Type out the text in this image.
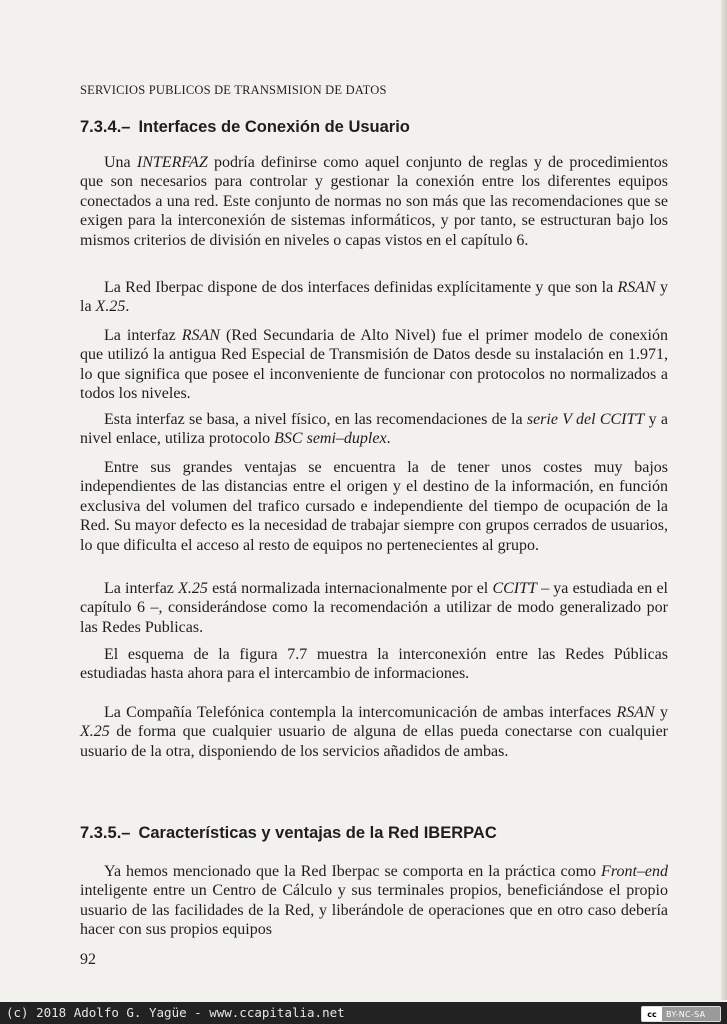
SERVICIOS PUBLICOS DE TRANSMISION DE DATOS
7.3.4.– Interfaces de Conexión de Usuario

Una INTERFAZ podría definirse como aquel conjunto de reglas y de procedimientos que son necesarios para controlar y gestionar la conexión entre los diferentes equipos conectados a una red. Este conjunto de normas no son más que las recomendaciones que se exigen para la interconexión de sistemas informáticos, y por tanto, se estructuran bajo los mismos criterios de división en niveles o capas vistos en el capítulo 6.

La Red Iberpac dispone de dos interfaces definidas explícitamente y que son la RSAN y la X.25.

La interfaz RSAN (Red Secundaria de Alto Nivel) fue el primer modelo de conexión que utilizó la antigua Red Especial de Transmisión de Datos desde su instalación en 1.971, lo que significa que posee el inconveniente de funcionar con protocolos no normalizados a todos los niveles.

Esta interfaz se basa, a nivel físico, en las recomendaciones de la serie V del CCITT y a nivel enlace, utiliza protocolo BSC semi–duplex.

Entre sus grandes ventajas se encuentra la de tener unos costes muy bajos independientes de las distancias entre el origen y el destino de la información, en función exclusiva del volumen del trafico cursado e independiente del tiempo de ocupación de la Red. Su mayor defecto es la necesidad de trabajar siempre con grupos cerrados de usuarios, lo que dificulta el acceso al resto de equipos no pertenecientes al grupo.

La interfaz X.25 está normalizada internacionalmente por el CCITT – ya estudiada en el capítulo 6 –, considerándose como la recomendación a utilizar de modo generalizado por las Redes Publicas.

El esquema de la figura 7.7 muestra la interconexión entre las Redes Públicas estudiadas hasta ahora para el intercambio de informaciones.

La Compañía Telefónica contempla la intercomunicación de ambas interfaces RSAN y X.25 de forma que cualquier usuario de alguna de ellas pueda conectarse con cualquier usuario de la otra, disponiendo de los servicios añadidos de ambas.

7.3.5.– Características y ventajas de la Red IBERPAC

Ya hemos mencionado que la Red Iberpac se comporta en la práctica como Front–end inteligente entre un Centro de Cálculo y sus terminales propios, beneficiándose el propio usuario de las facilidades de la Red, y liberándole de operaciones que en otro caso debería hacer con sus propios equipos

92
(c) 2018 Adolfo G. Yagüe - www.ccapitalia.net	cc	BY-NC-SA
